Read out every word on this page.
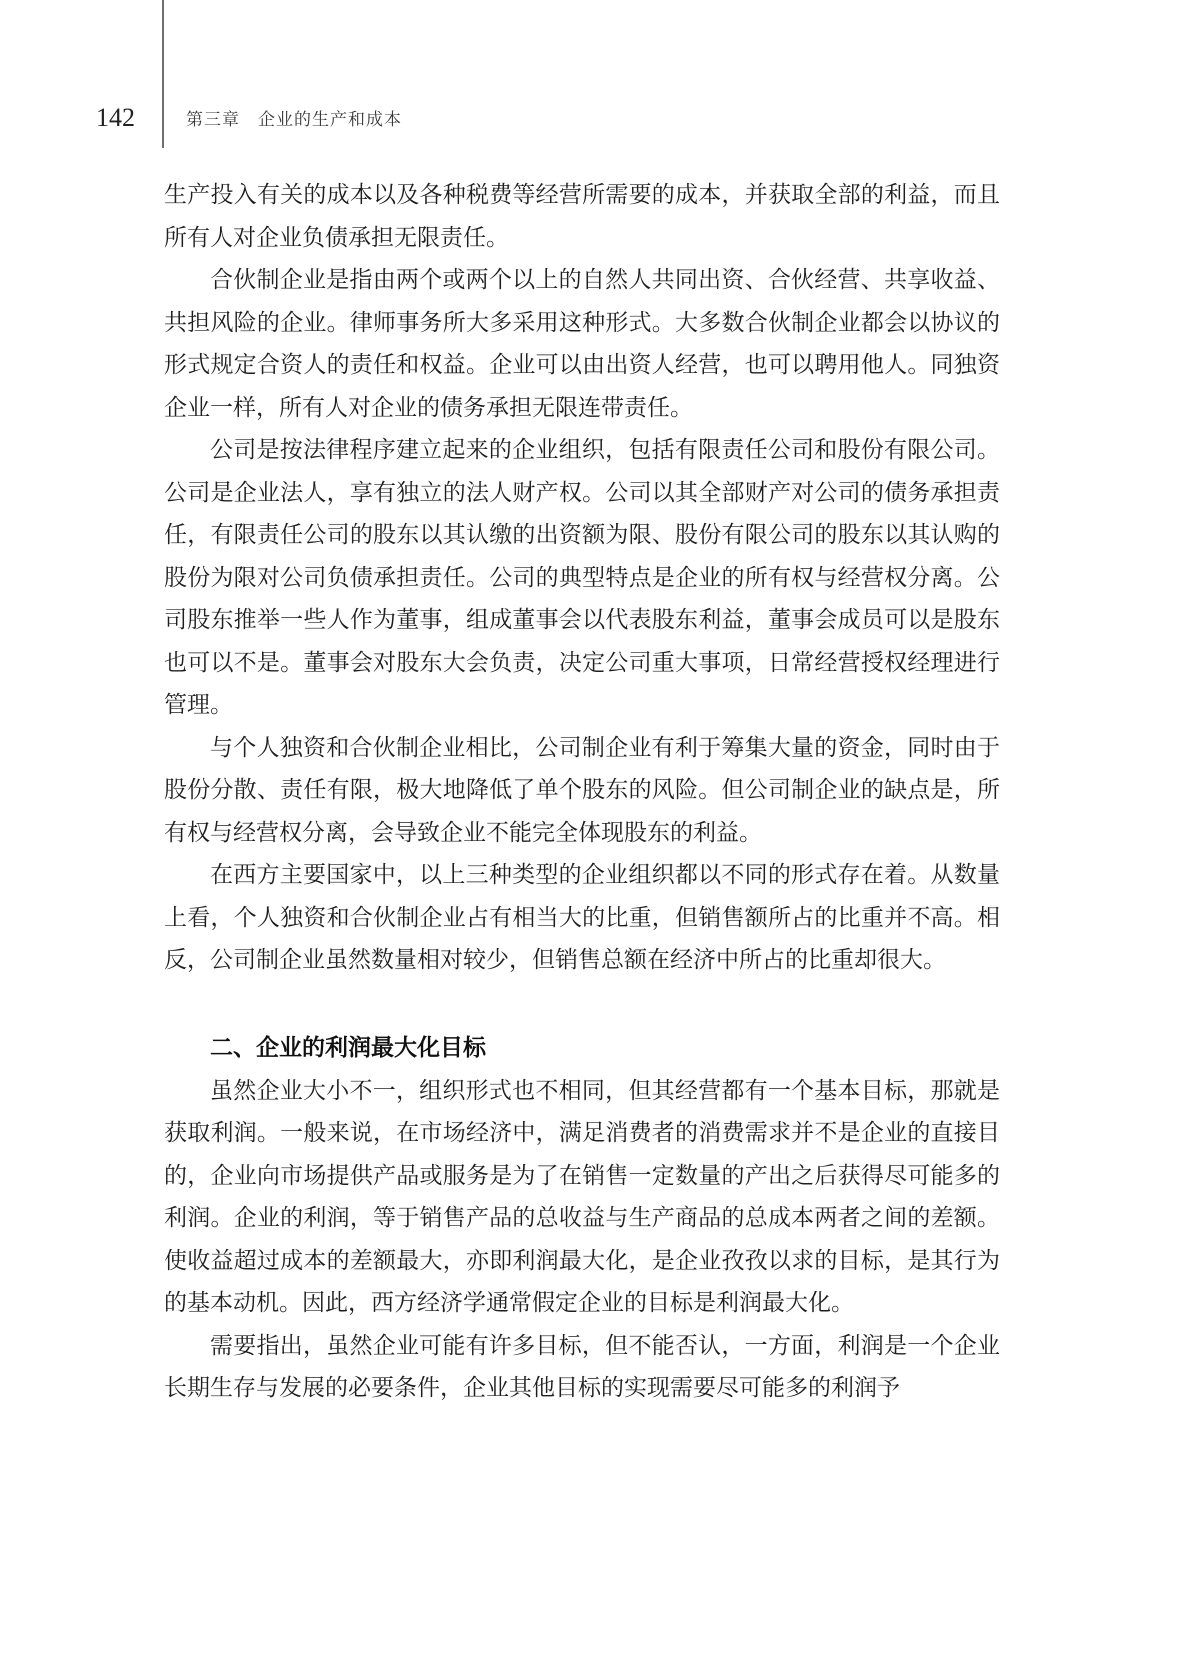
142	第三章　企业的生产和成本

生产投入有关的成本以及各种税费等经营所需要的成本，并获取全部的利益，而且所有人对企业负债承担无限责任。

合伙制企业是指由两个或两个以上的自然人共同出资、合伙经营、共享收益、共担风险的企业。律师事务所大多采用这种形式。大多数合伙制企业都会以协议的形式规定合资人的责任和权益。企业可以由出资人经营，也可以聘用他人。同独资企业一样，所有人对企业的债务承担无限连带责任。

公司是按法律程序建立起来的企业组织，包括有限责任公司和股份有限公司。公司是企业法人，享有独立的法人财产权。公司以其全部财产对公司的债务承担责任，有限责任公司的股东以其认缴的出资额为限、股份有限公司的股东以其认购的股份为限对公司负债承担责任。公司的典型特点是企业的所有权与经营权分离。公司股东推举一些人作为董事，组成董事会以代表股东利益，董事会成员可以是股东也可以不是。董事会对股东大会负责，决定公司重大事项，日常经营授权经理进行管理。

与个人独资和合伙制企业相比，公司制企业有利于筹集大量的资金，同时由于股份分散、责任有限，极大地降低了单个股东的风险。但公司制企业的缺点是，所有权与经营权分离，会导致企业不能完全体现股东的利益。

在西方主要国家中，以上三种类型的企业组织都以不同的形式存在着。从数量上看，个人独资和合伙制企业占有相当大的比重，但销售额所占的比重并不高。相反，公司制企业虽然数量相对较少，但销售总额在经济中所占的比重却很大。

二、企业的利润最大化目标

虽然企业大小不一，组织形式也不相同，但其经营都有一个基本目标，那就是获取利润。一般来说，在市场经济中，满足消费者的消费需求并不是企业的直接目的，企业向市场提供产品或服务是为了在销售一定数量的产出之后获得尽可能多的利润。企业的利润，等于销售产品的总收益与生产商品的总成本两者之间的差额。使收益超过成本的差额最大，亦即利润最大化，是企业孜孜以求的目标，是其行为的基本动机。因此，西方经济学通常假定企业的目标是利润最大化。

需要指出，虽然企业可能有许多目标，但不能否认，一方面，利润是一个企业长期生存与发展的必要条件，企业其他目标的实现需要尽可能多的利润予
